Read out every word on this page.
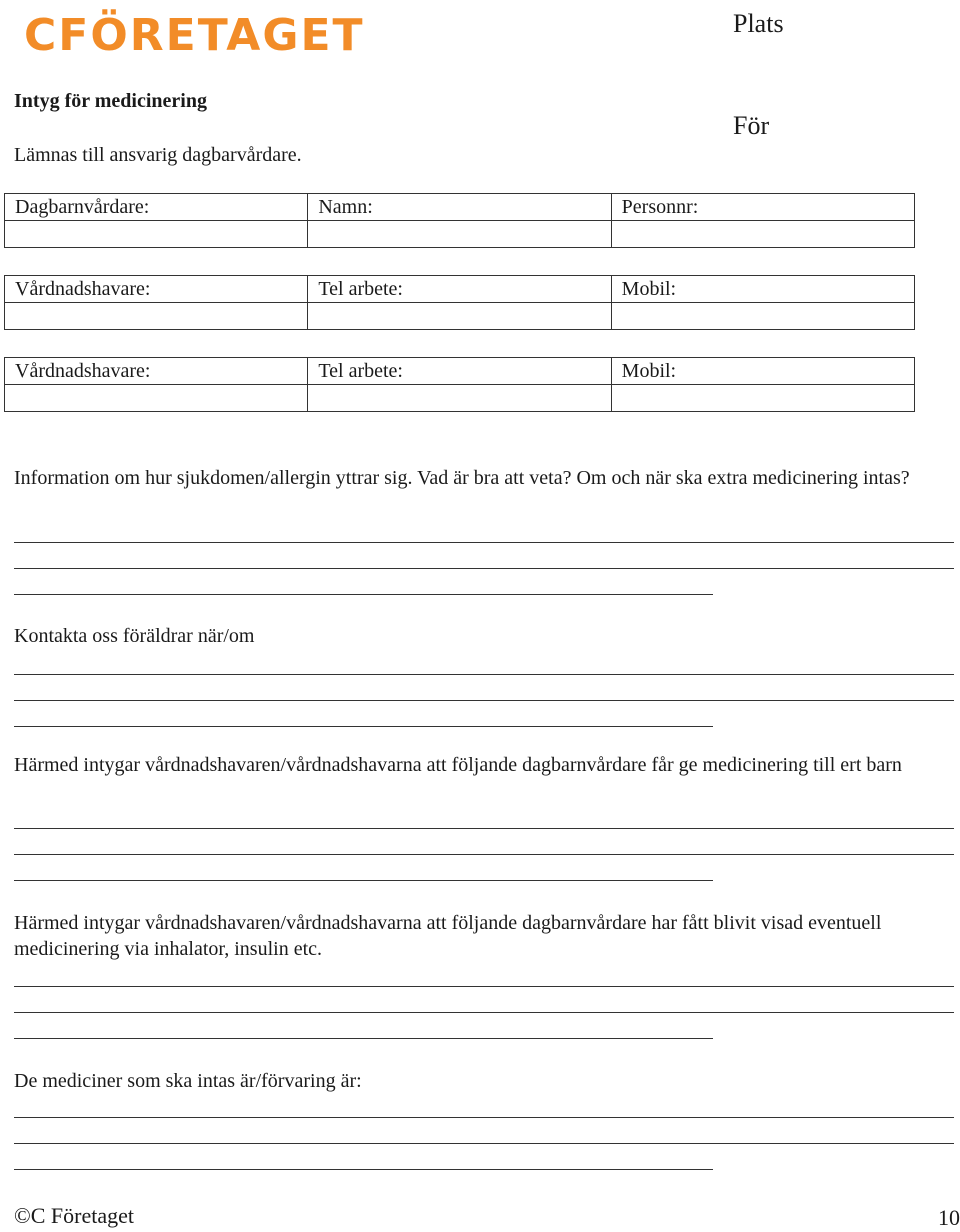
CFÖRETAGET	Plats
För
Intyg för medicinering
Lämnas till ansvarig dagbarvårdare.
Dagbarnvårdare:	Namn:	Personnr:

Vårdnadshavare:	Tel arbete:	Mobil:

Vårdnadshavare:	Tel arbete:	Mobil:

Information om hur sjukdomen/allergin yttrar sig. Vad är bra att veta? Om och när ska extra medicinering intas?
Kontakta oss föräldrar när/om
Härmed intygar vårdnadshavaren/vårdnadshavarna att följande dagbarnvårdare får ge medicinering till ert barn
Härmed intygar vårdnadshavaren/vårdnadshavarna att följande dagbarnvårdare har fått blivit visad eventuell medicinering via inhalator, insulin etc.
De mediciner som ska intas är/förvaring är:
©C Företaget	10
